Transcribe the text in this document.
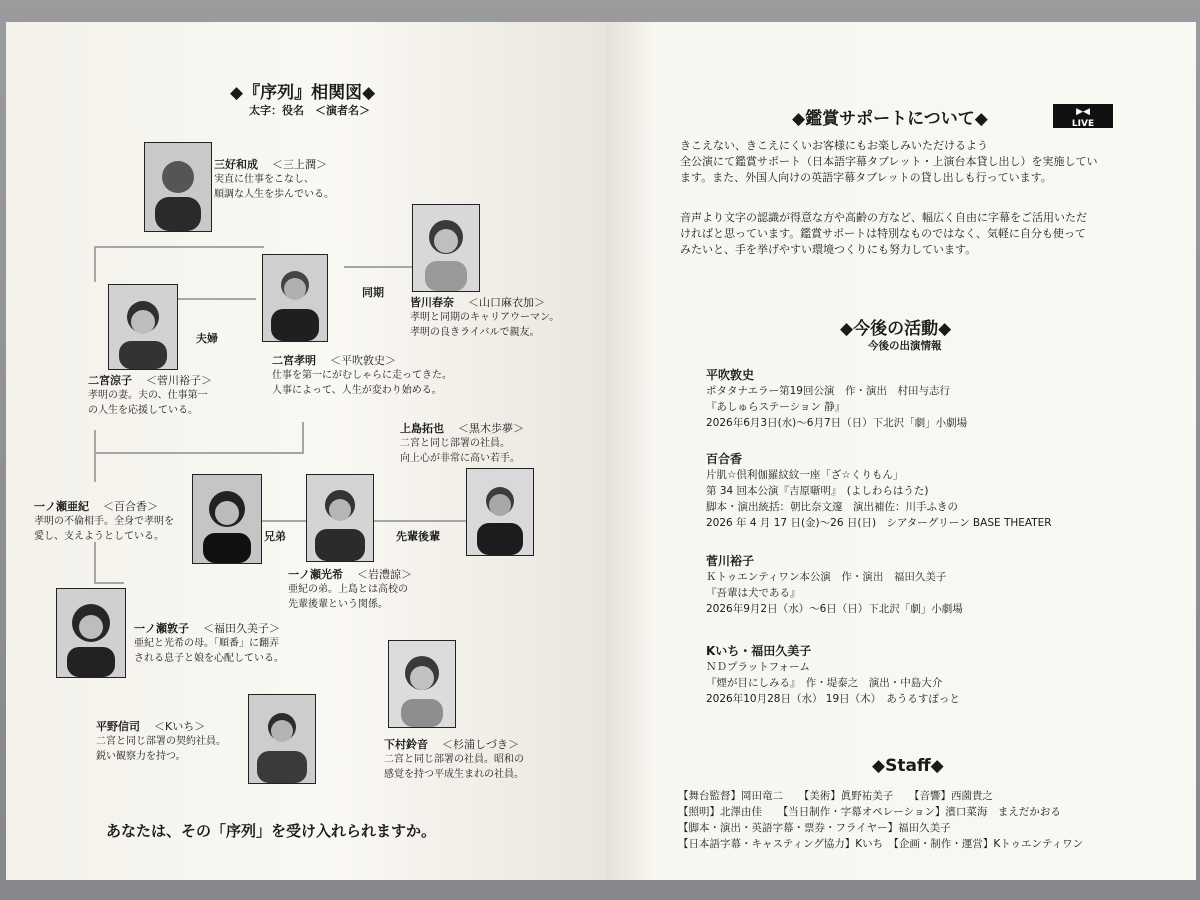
◆『序列』相関図◆
太字：役名　＜演者名＞
同期
夫婦
兄弟	先輩後輩
三好和成 ＜三上潤＞
実直に仕事をこなし、
順調な人生を歩んでいる。
皆川春奈 ＜山口麻衣加＞
孝明と同期のキャリアウーマン。
孝明の良きライバルで親友。
二宮孝明 ＜平吹敦史＞
仕事を第一にがむしゃらに走ってきた。
人事によって、人生が変わり始める。
二宮涼子 ＜菅川裕子＞
孝明の妻。夫の、仕事第一
の人生を応援している。
上島拓也 ＜黒木歩夢＞
二宮と同じ部署の社員。
向上心が非常に高い若手。
一ノ瀬亜紀 ＜百合香＞
孝明の不倫相手。全身で孝明を
愛し、支えようとしている。
一ノ瀬光希 ＜岩澧諒＞
亜紀の弟。上島とは高校の
先輩後輩という関係。
一ノ瀬敦子 ＜福田久美子＞
亜紀と光希の母。「順番」に翻弄
される息子と娘を心配している。
平野信司 ＜Kいち＞
二宮と同じ部署の契約社員。
鋭い観察力を持つ。
下村鈴音 ＜杉浦しづき＞
二宮と同じ部署の社員。昭和の
感覚を持つ平成生まれの社員。
あなたは、その「序列」を受け入れられますか。
◆鑑賞サポートについて◆	▶◀
LIVE
きこえない、きこえにくいお客様にもお楽しみいただけるよう
全公演にて鑑賞サポート（日本語字幕タブレット・上演台本貸し出し）を実施してい
ます。また、外国人向けの英語字幕タブレットの貸し出しも行っています。
音声より文字の認識が得意な方や高齢の方など、幅広く自由に字幕をご活用いただ
ければと思っています。鑑賞サポートは特別なものではなく、気軽に自分も使って
みたいと、手を挙げやすい環境つくりにも努力しています。
◆今後の活動◆
今後の出演情報
平吹敦史
ポタタナエラー第19回公演　作・演出　村田与志行
『あしゅらステーション 静』
2026年6月3日(水)〜6月7日（日）下北沢「劇」小劇場
百合香
片肌☆倶利伽羅紋紋一座「ざ☆くりもん」
第 34 回本公演『吉原噺明』　(よしわらはうた)
脚本・演出統括：朝比奈文邃　演出補佐：川手ふきの
2026 年 4 月 17 日(金)〜26 日(日)　シアターグリーン BASE THEATER
菅川裕子
Ｋトゥエンティワン本公演　作・演出　福田久美子
『吾輩は犬である』
2026年9月2日（水）〜6日（日）下北沢「劇」小劇場
Kいち・福田久美子
ＮＤプラットフォーム
『煙が目にしみる』　作・堤泰之　演出・中島大介
2026年10月28日（水） 19日（木）　あうるすぽっと
◆Staff◆
【舞台監督】岡田竜二　　【美術】眞野祐美子　　【音響】西薗貴之
【照明】北澤由佳　　【当日制作・字幕オペレーション】濱口菜海　まえだかおる
【脚本・演出・英語字幕・票券・フライヤー】福田久美子
【日本語字幕・キャスティング協力】Kいち　【企画・制作・運営】Kトゥエンティワン
